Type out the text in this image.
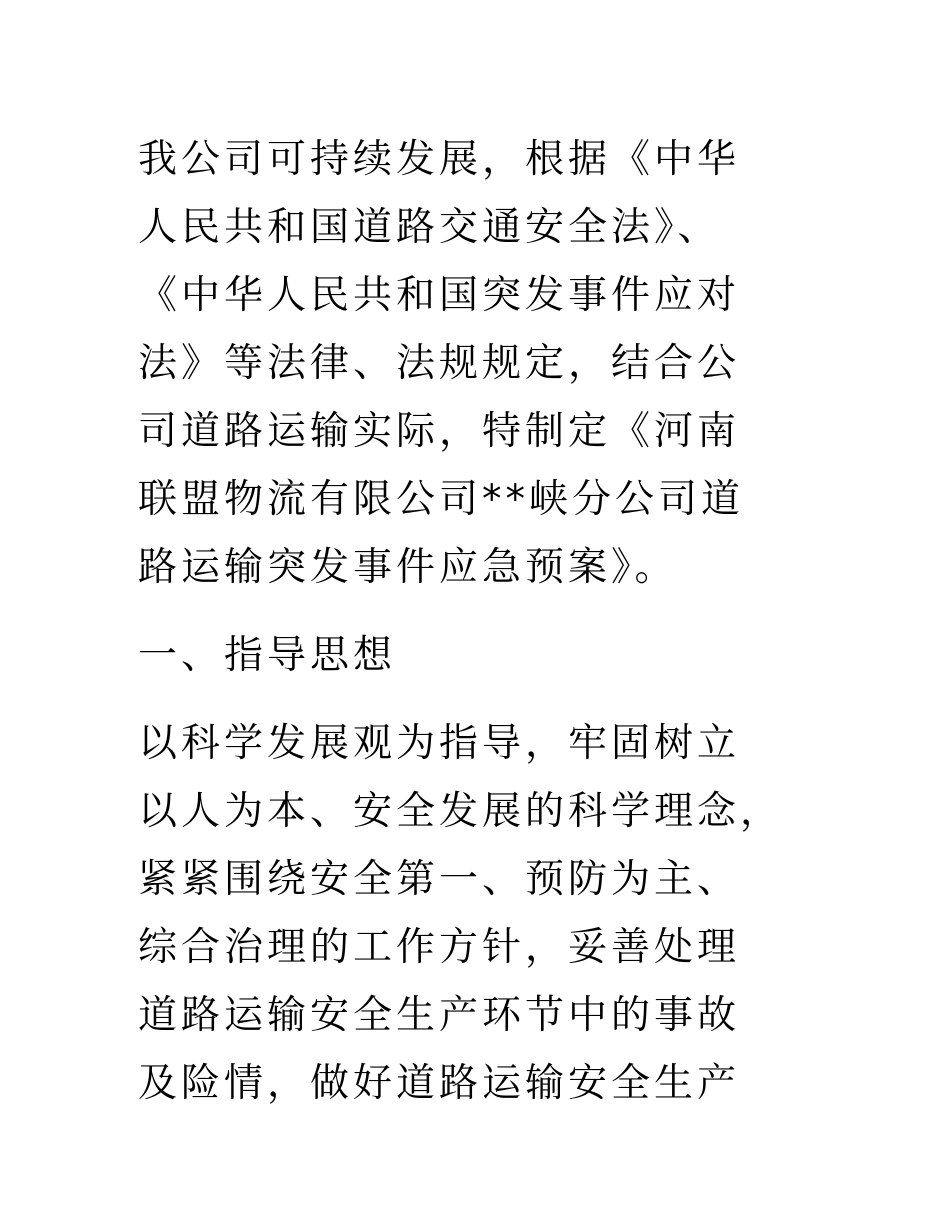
我公司可持续发展，根据《中华
人民共和国道路交通安全法》、
《中华人民共和国突发事件应对
法》等法律、法规规定，结合公
司道路运输实际，特制定《河南
联盟物流有限公司**峡分公司道
路运输突发事件应急预案》。
一、指导思想
以科学发展观为指导，牢固树立
以人为本、安全发展的科学理念，
紧紧围绕安全第一、预防为主、
综合治理的工作方针，妥善处理
道路运输安全生产环节中的事故
及险情，做好道路运输安全生产
